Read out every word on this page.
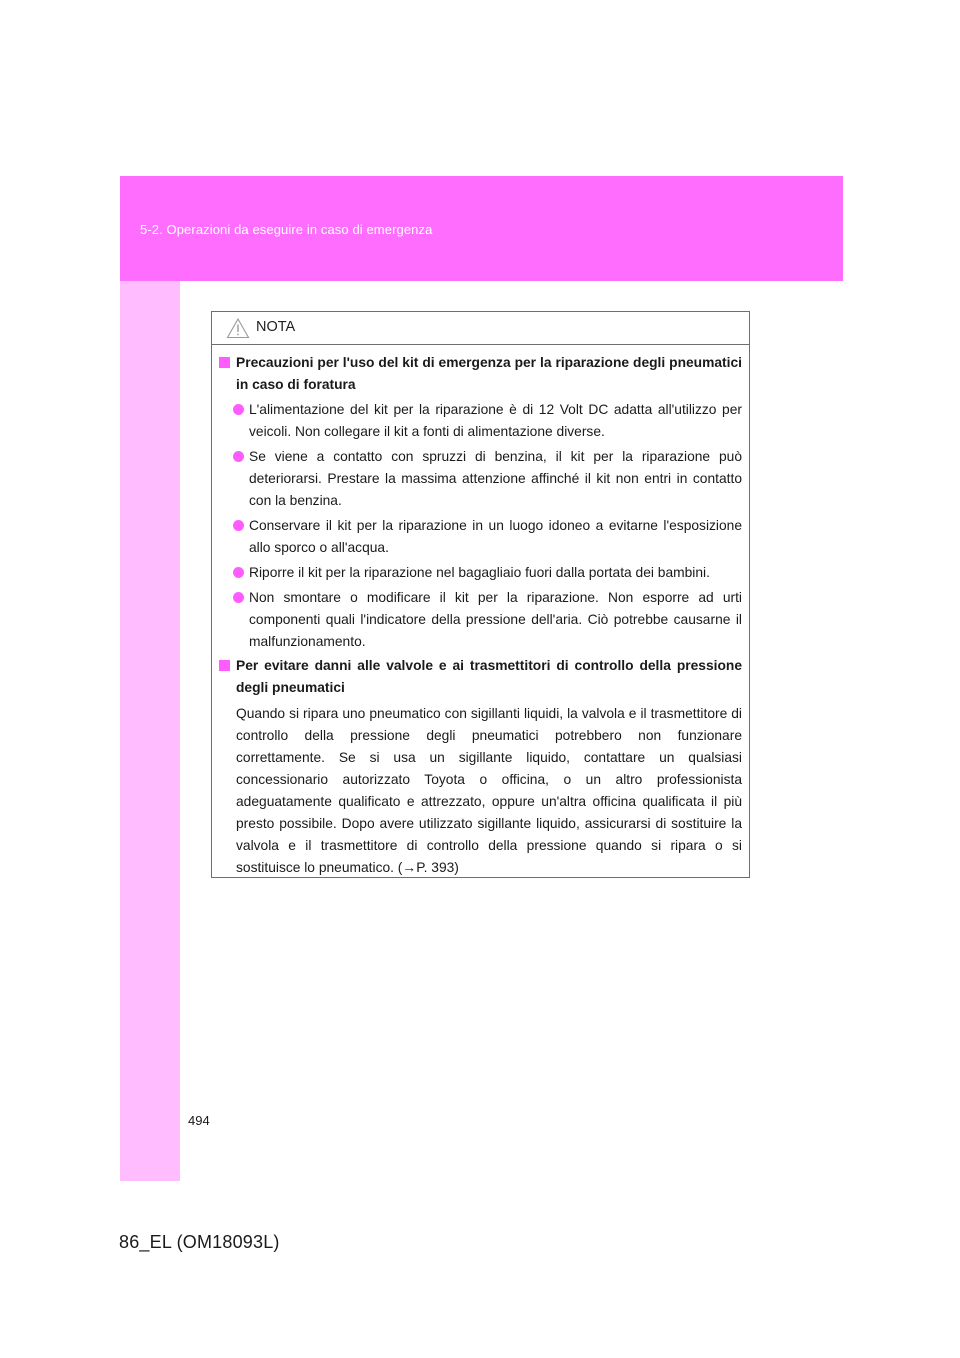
5-2. Operazioni da eseguire in caso di emergenza
NOTA
Precauzioni per l'uso del kit di emergenza per la riparazione degli pneumatici in caso di foratura
L'alimentazione del kit per la riparazione è di 12 Volt DC adatta all'utilizzo per veicoli. Non collegare il kit a fonti di alimentazione diverse.
Se viene a contatto con spruzzi di benzina, il kit per la riparazione può deteriorarsi. Prestare la massima attenzione affinché il kit non entri in contatto con la benzina.
Conservare il kit per la riparazione in un luogo idoneo a evitarne l'esposizione allo sporco o all'acqua.
Riporre il kit per la riparazione nel bagagliaio fuori dalla portata dei bambini.
Non smontare o modificare il kit per la riparazione. Non esporre ad urti componenti quali l'indicatore della pressione dell'aria. Ciò potrebbe causarne il malfunzionamento.
Per evitare danni alle valvole e ai trasmettitori di controllo della pressione degli pneumatici
Quando si ripara uno pneumatico con sigillanti liquidi, la valvola e il trasmettitore di controllo della pressione degli pneumatici potrebbero non funzionare correttamente. Se si usa un sigillante liquido, contattare un qualsiasi concessionario autorizzato Toyota o officina, o un altro professionista adeguatamente qualificato e attrezzato, oppure un'altra officina qualificata il più presto possibile. Dopo avere utilizzato sigillante liquido, assicurarsi di sostituire la valvola e il trasmettitore di controllo della pressione quando si ripara o si sostituisce lo pneumatico. (→P. 393)
494
86_EL (OM18093L)
